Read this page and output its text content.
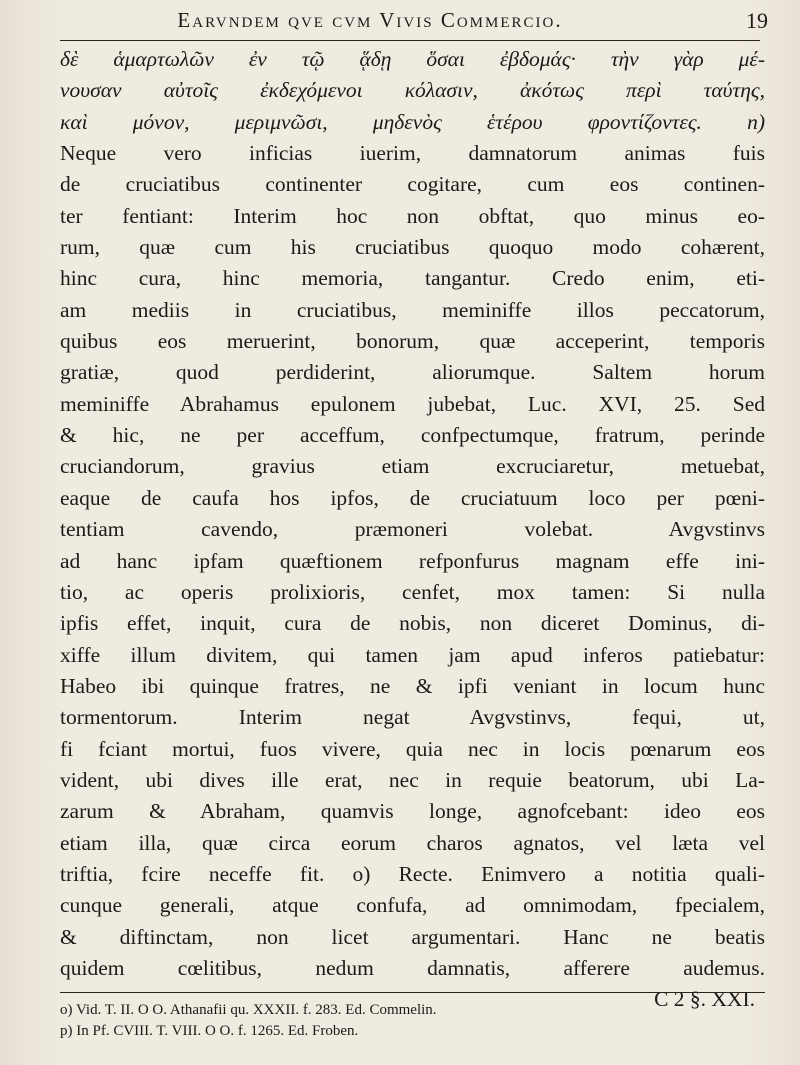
Earvndem qve cvm Vivis Commercio.	19
δὲ ἁμαρτωλῶν ἐν τῷ ᾅδῃ ὅσαι ἐβδομάς· τὴν γὰρ μέ-
νουσαν αὐτοῖς ἐκδεχόμενοι κόλασιν, ἀκότως περὶ ταύτης,
καὶ μόνον, μεριμνῶσι, μηδενὸς ἑτέρου φροντίζοντες. n)
Neque vero inficias iuerim, damnatorum animas fuis
de cruciatibus continenter cogitare, cum eos continen-
ter fentiant: Interim hoc non obftat, quo minus eo-
rum, quæ cum his cruciatibus quoquo modo cohærent,
hinc cura, hinc memoria, tangantur. Credo enim, eti-
am mediis in cruciatibus, meminiffe illos peccatorum,
quibus eos meruerint, bonorum, quæ acceperint, temporis
gratiæ, quod perdiderint, aliorumque. Saltem horum
meminiffe Abrahamus epulonem jubebat, Luc. XVI, 25. Sed
& hic, ne per acceffum, confpectumque, fratrum, perinde
cruciandorum, gravius etiam excruciaretur, metuebat,
eaque de caufa hos ipfos, de cruciatuum loco per pœni-
tentiam cavendo, præmoneri volebat. Avgvstinvs
ad hanc ipfam quæftionem refponfurus magnam effe ini-
tio, ac operis prolixioris, cenfet, mox tamen: Si nulla
ipfis effet, inquit, cura de nobis, non diceret Dominus, di-
xiffe illum divitem, qui tamen jam apud inferos patiebatur:
Habeo ibi quinque fratres, ne & ipfi veniant in locum hunc
tormentorum. Interim negat Avgvstinvs, fequi, ut,
fi fciant mortui, fuos vivere, quia nec in locis pœnarum eos
vident, ubi dives ille erat, nec in requie beatorum, ubi La-
zarum & Abraham, quamvis longe, agnofcebant: ideo eos
etiam illa, quæ circa eorum charos agnatos, vel læta vel
triftia, fcire neceffe fit. o) Recte. Enimvero a notitia quali-
cunque generali, atque confufa, ad omnimodam, fpecialem,
& diftinctam, non licet argumentari. Hanc ne beatis
quidem cœlitibus, nedum damnatis, afferere audemus.
C 2 §. XXI.
o) Vid. T. II. O O. Athanafii qu. XXXII. f. 283. Ed. Commelin.
p) In Pf. CVIII. T. VIII. O O. f. 1265. Ed. Froben.
